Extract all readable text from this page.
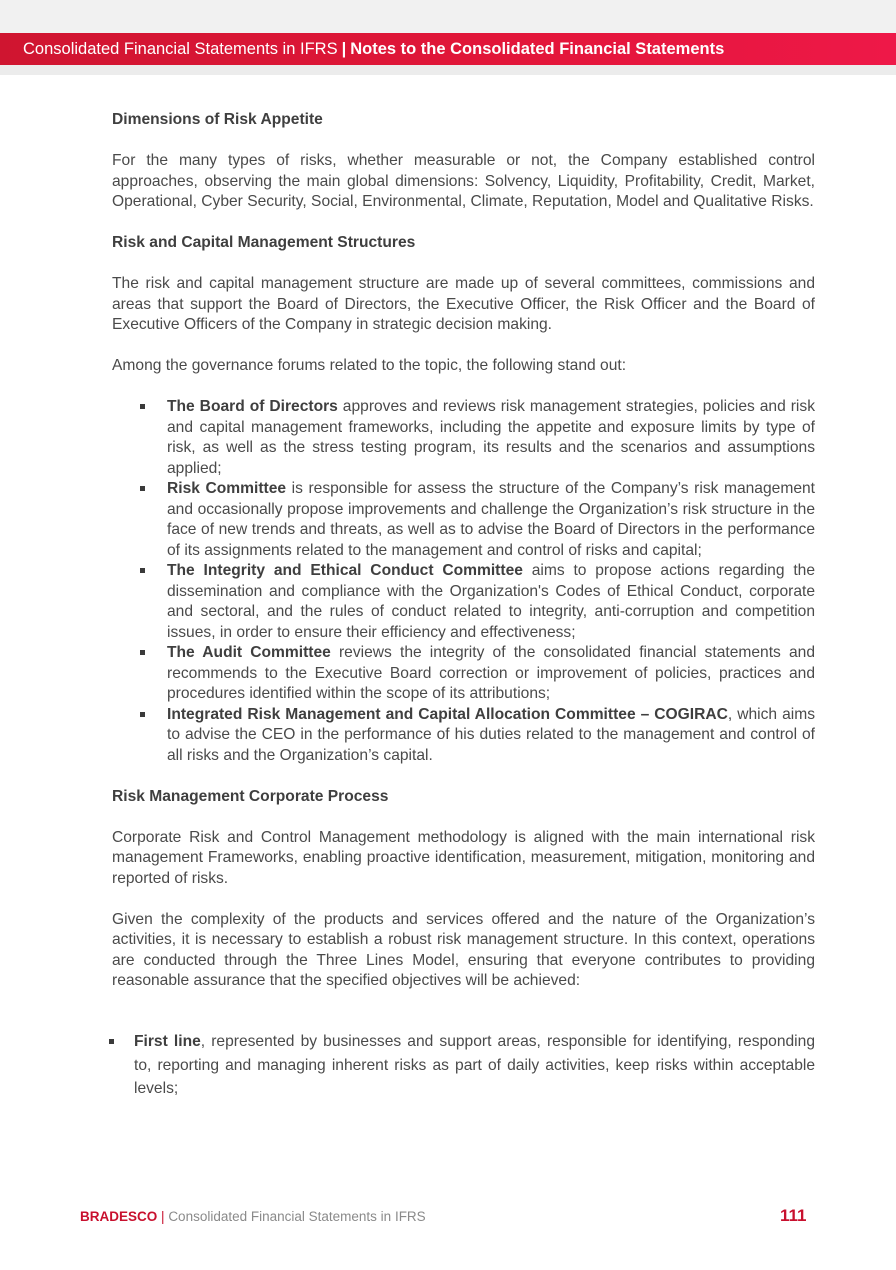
Consolidated Financial Statements in IFRS | Notes to the Consolidated Financial Statements
Dimensions of Risk Appetite

For the many types of risks, whether measurable or not, the Company established control approaches, observing the main global dimensions: Solvency, Liquidity, Profitability, Credit, Market, Operational, Cyber Security, Social, Environmental, Climate, Reputation, Model and Qualitative Risks.

Risk and Capital Management Structures

The risk and capital management structure are made up of several committees, commissions and areas that support the Board of Directors, the Executive Officer, the Risk Officer and the Board of Executive Officers of the Company in strategic decision making.

Among the governance forums related to the topic, the following stand out:

The Board of Directors approves and reviews risk management strategies, policies and risk and capital management frameworks, including the appetite and exposure limits by type of risk, as well as the stress testing program, its results and the scenarios and assumptions applied;
Risk Committee is responsible for assess the structure of the Company’s risk management and occasionally propose improvements and challenge the Organization’s risk structure in the face of new trends and threats, as well as to advise the Board of Directors in the performance of its assignments related to the management and control of risks and capital;
The Integrity and Ethical Conduct Committee aims to propose actions regarding the dissemination and compliance with the Organization's Codes of Ethical Conduct, corporate and sectoral, and the rules of conduct related to integrity, anti-corruption and competition issues, in order to ensure their efficiency and effectiveness;
The Audit Committee reviews the integrity of the consolidated financial statements and recommends to the Executive Board correction or improvement of policies, practices and procedures identified within the scope of its attributions;
Integrated Risk Management and Capital Allocation Committee – COGIRAC, which aims to advise the CEO in the performance of his duties related to the management and control of all risks and the Organization’s capital.
Risk Management Corporate Process

Corporate Risk and Control Management methodology is aligned with the main international risk management Frameworks, enabling proactive identification, measurement, mitigation, monitoring and reported of risks.

Given the complexity of the products and services offered and the nature of the Organization’s activities, it is necessary to establish a robust risk management structure. In this context, operations are conducted through the Three Lines Model, ensuring that everyone contributes to providing reasonable assurance that the specified objectives will be achieved:

First line, represented by businesses and support areas, responsible for identifying, responding to, reporting and managing inherent risks as part of daily activities, keep risks within acceptable levels;
BRADESCO | Consolidated Financial Statements in IFRS	111
